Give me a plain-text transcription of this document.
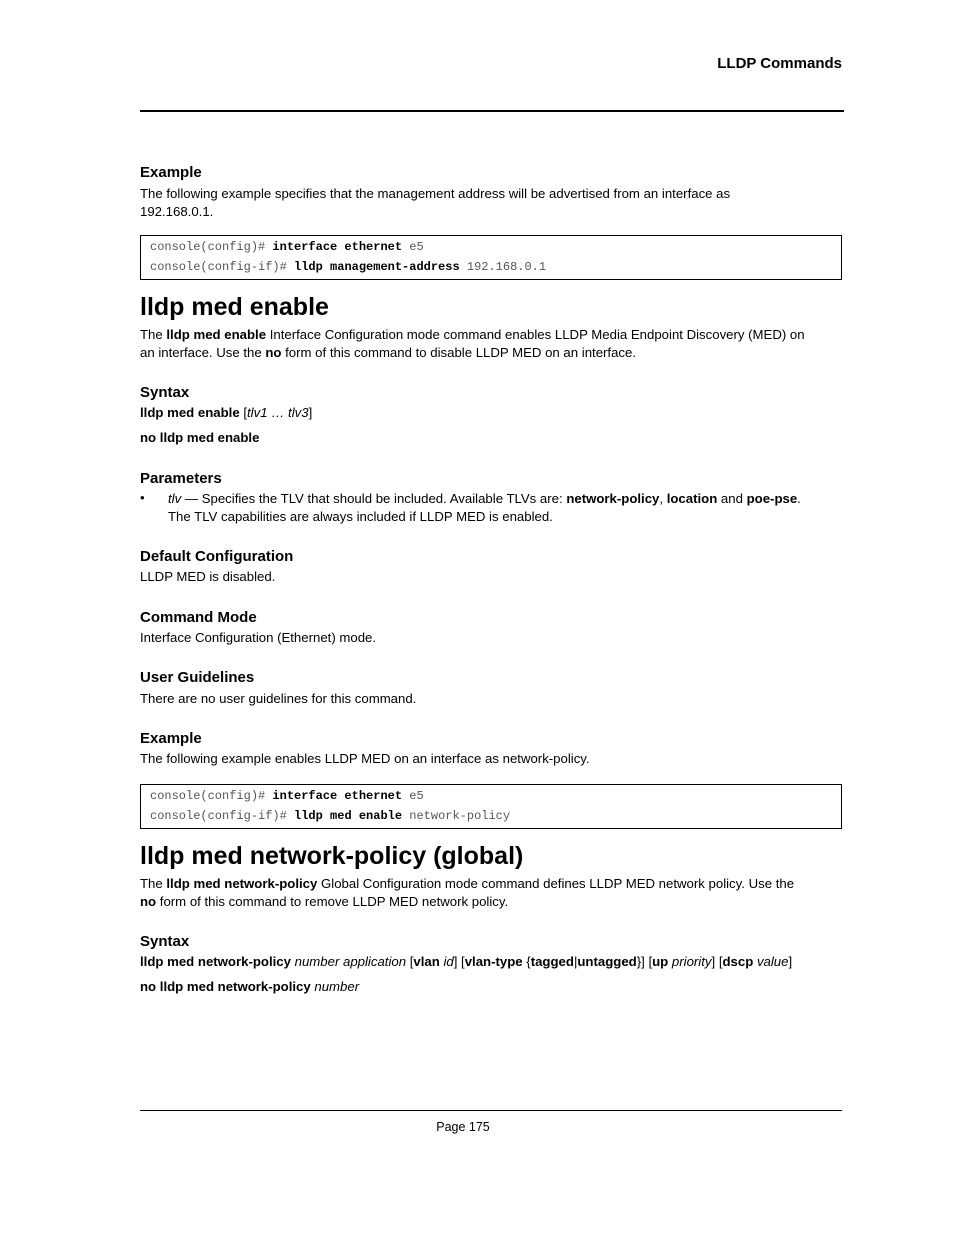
LLDP Commands
Example
The following example specifies that the management address will be advertised from an interface as
192.168.0.1.
console(config)# interface ethernet e5
console(config-if)# lldp management-address 192.168.0.1
lldp med enable
The lldp med enable Interface Configuration mode command enables LLDP Media Endpoint Discovery (MED) on
an interface. Use the no form of this command to disable LLDP MED on an interface.
Syntax
lldp med enable [tlv1 … tlv3]
no lldp med enable
Parameters
• tlv — Specifies the TLV that should be included. Available TLVs are: network-policy, location and poe-pse.
The TLV capabilities are always included if LLDP MED is enabled.
Default Configuration
LLDP MED is disabled.
Command Mode
Interface Configuration (Ethernet) mode.
User Guidelines
There are no user guidelines for this command.
Example
The following example enables LLDP MED on an interface as network-policy.
console(config)# interface ethernet e5
console(config-if)# lldp med enable network-policy
lldp med network-policy (global)
The lldp med network-policy Global Configuration mode command defines LLDP MED network policy. Use the
no form of this command to remove LLDP MED network policy.
Syntax
lldp med network-policy number application [vlan id] [vlan-type {tagged|untagged}] [up priority] [dscp value]
no lldp med network-policy number
Page 175
